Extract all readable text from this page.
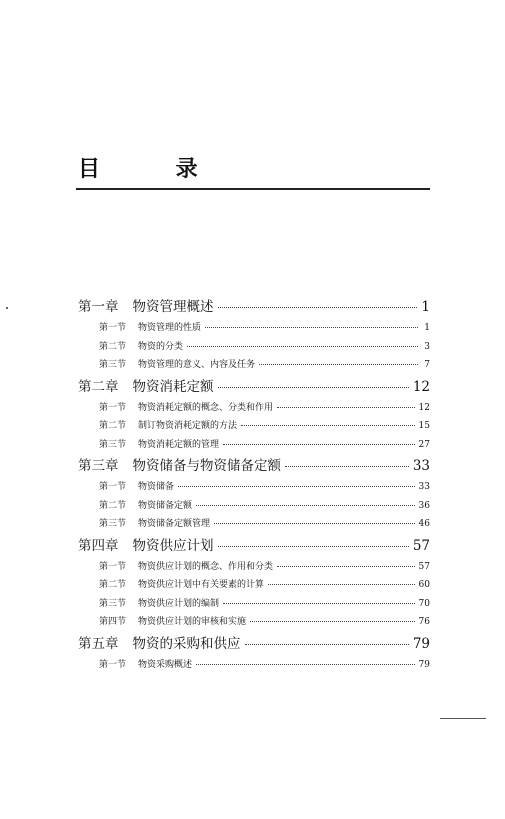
目 录
第一章 物资管理概述	1
第一节 物资管理的性质	1
第二节 物资的分类	3
第三节 物资管理的意义、内容及任务	7
第二章 物资消耗定额	12
第一节 物资消耗定额的概念、分类和作用	12
第二节 制订物资消耗定额的方法	15
第三节 物资消耗定额的管理	27
第三章 物资储备与物资储备定额	33
第一节 物资储备	33
第二节 物资储备定额	36
第三节 物资储备定额管理	46
第四章 物资供应计划	57
第一节 物资供应计划的概念、作用和分类	57
第二节 物资供应计划中有关要素的计算	60
第三节 物资供应计划的编制	70
第四节 物资供应计划的审核和实施	76
第五章 物资的采购和供应	79
第一节 物资采购概述	79
